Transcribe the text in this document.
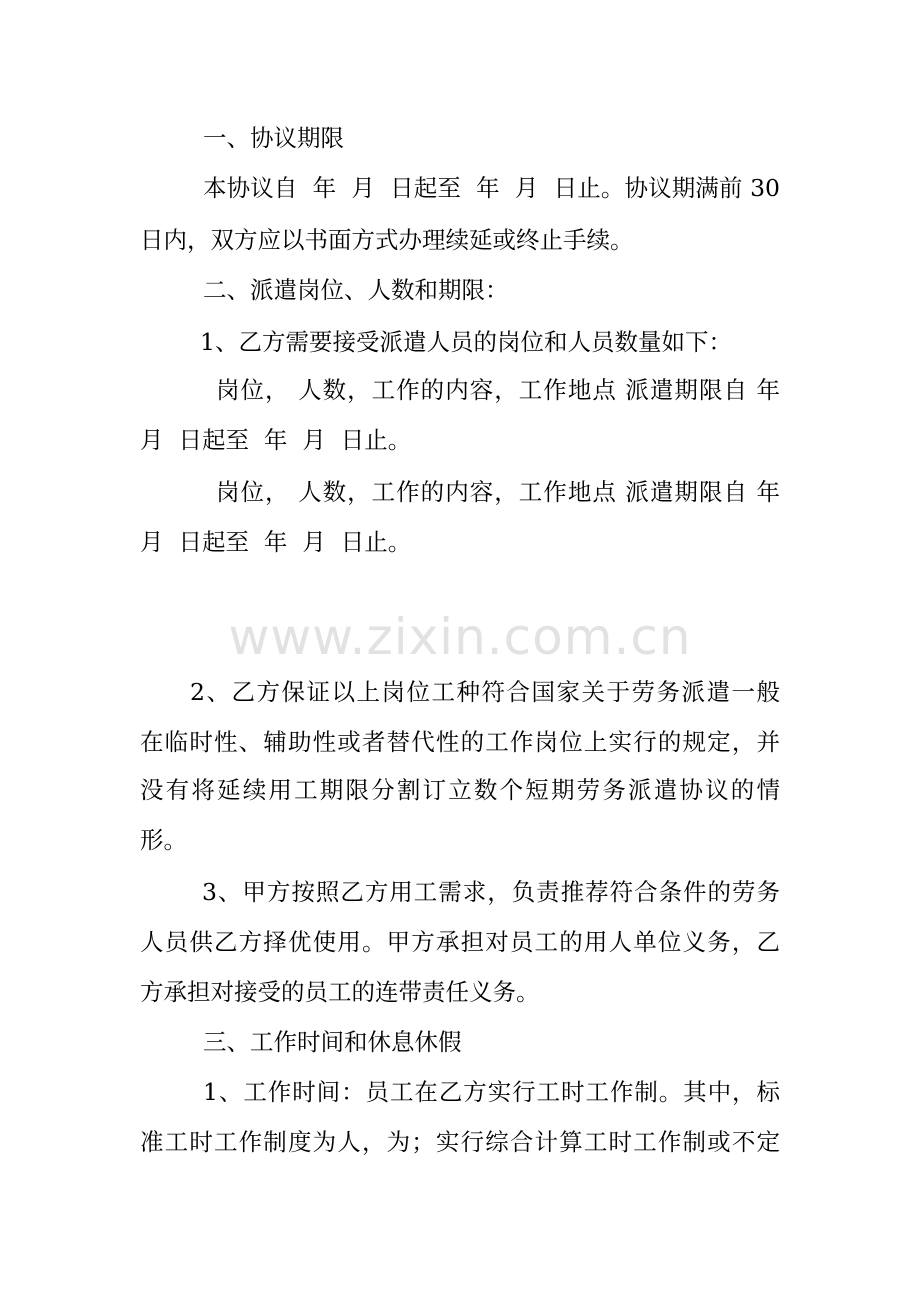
一、协议期限
本协议自  年  月  日起至  年  月  日止。协议期满前 30
日内，双方应以书面方式办理续延或终止手续。
二、派遣岗位、人数和期限：
1、乙方需要接受派遣人员的岗位和人员数量如下：
岗位， 人数，工作的内容，工作地点 派遣期限自 年
月  日起至  年  月  日止。
岗位， 人数，工作的内容，工作地点 派遣期限自 年
月  日起至  年  月  日止。
www.zixin.com.cn
2、乙方保证以上岗位工种符合国家关于劳务派遣一般
在临时性、辅助性或者替代性的工作岗位上实行的规定，并
没有将延续用工期限分割订立数个短期劳务派遣协议的情
形。
3、甲方按照乙方用工需求，负责推荐符合条件的劳务
人员供乙方择优使用。甲方承担对员工的用人单位义务，乙
方承担对接受的员工的连带责任义务。
三、工作时间和休息休假
1、工作时间：员工在乙方实行工时工作制。其中，标
准工时工作制度为人，为；实行综合计算工时工作制或不定
